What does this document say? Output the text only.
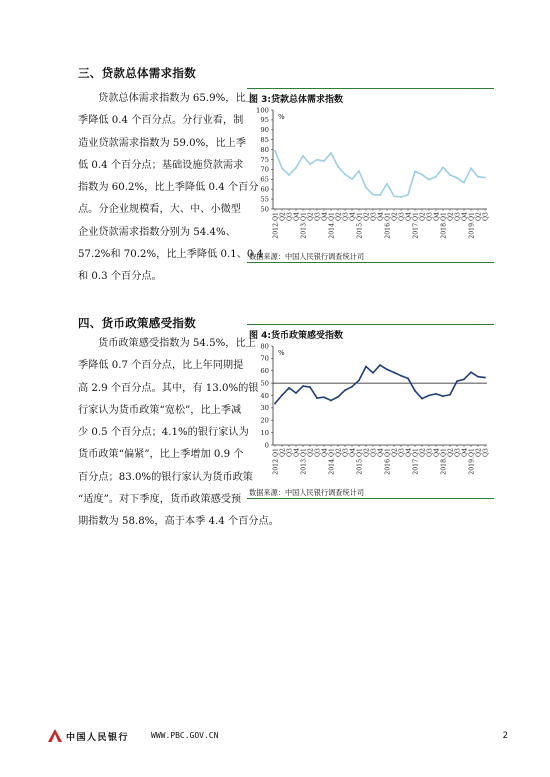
三、贷款总体需求指数
贷款总体需求指数为 65.9%，比上
季降低 0.4 个百分点。分行业看，制
造业贷款需求指数为 59.0%，比上季
低 0.4 个百分点；基础设施贷款需求
指数为 60.2%，比上季降低 0.4 个百分
点。分企业规模看，大、中、小微型
企业贷款需求指数分别为 54.4%、
57.2%和 70.2%，比上季降低 0.1、0.4
和 0.3 个百分点。
图 3:贷款总体需求指数
50
55
60
65
70
75
80
85
90
95
100
%
2012.Q1 Q2 Q3 Q4 2013.Q1 Q2 Q3 Q4 2014.Q1 Q2 Q3 Q4 2015.Q1 Q2 Q3 Q4 2016.Q1 Q2 Q3 Q4 2017.Q1 Q2 Q3 Q4 2018.Q1 Q2 Q3 Q4 2019.Q1 Q2 Q3
数据来源：中国人民银行调查统计司
四、货币政策感受指数
货币政策感受指数为 54.5%，比上
季降低 0.7 个百分点，比上年同期提
高 2.9 个百分点。其中，有 13.0%的银
行家认为货币政策“宽松”，比上季减
少 0.5 个百分点；4.1%的银行家认为
货币政策“偏紧”，比上季增加 0.9 个
百分点；83.0%的银行家认为货币政策
“适度”。对下季度，货币政策感受预
期指数为 58.8%，高于本季 4.4 个百分点。
图 4:货币政策感受指数
0
10
20
30
40
50
60
70
80
%
2012.Q1 Q2 Q3 Q4 2013.Q1 Q2 Q3 Q4 2014.Q1 Q2 Q3 Q4 2015.Q1 Q2 Q3 Q4 2016.Q1 Q2 Q3 Q4 2017.Q1 Q2 Q3 Q4 2018.Q1 Q2 Q3 Q4 2019.Q1 Q2 Q3
数据来源：中国人民银行调查统计司
中国人民银行	WWW.PBC.GOV.CN	2
